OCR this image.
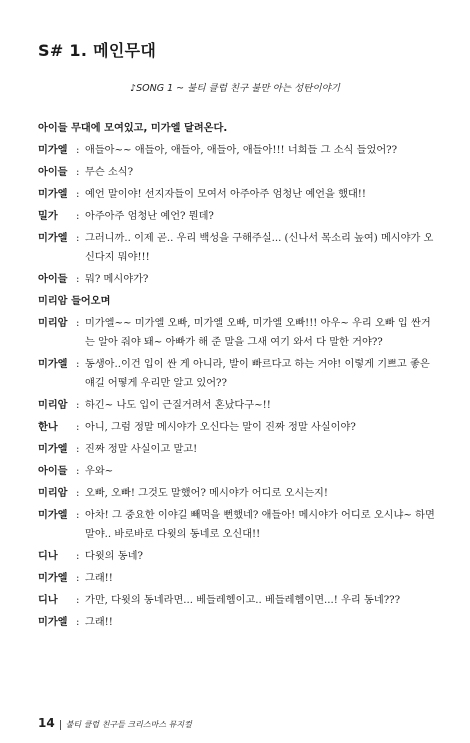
S# 1. 메인무대
♪SONG 1 ~ 불티 클럽 친구 불만 아는 성탄이야기
아이들 무대에 모여있고, 미가엘 달려온다.
미가엘 : 애들아~~ 애들아, 애들아, 애들아, 애들아!!! 너희들 그 소식 들었어??
아이들 : 무슨 소식?
미가엘 : 예언 말이야! 선지자들이 모여서 아주아주 엄청난 예언을 했대!!
밀가 : 아주아주 엄청난 예언? 뭔데?
미가엘 : 그러니까.. 이제 곧.. 우리 백성을 구해주실... (신나서 목소리 높여) 메시야가 오
신다지 뭐야!!!
아이들 : 뭐? 메시야가?
미리암 들어오며
미리암 : 미가엘~~ 미가엘 오빠, 미가엘 오빠, 미가엘 오빠!!! 아우~ 우리 오빠 입 싼거
는 알아 줘야 돼~ 아빠가 해 준 말을 그새 여기 와서 다 말한 거야??
미가엘 : 동생아..이건 입이 싼 게 아니라, 발이 빠르다고 하는 거야! 이렇게 기쁘고 좋은
얘길 어떻게 우리만 알고 있어??
미리암 : 하긴~ 나도 입이 근질거려서 혼났다구~!!
한나 : 아니, 그럼 정말 메시야가 오신다는 말이 진짜 정말 사실이야?
미가엘 : 진짜 정말 사실이고 말고!
아이들 : 우와~
미리암 : 오빠, 오빠! 그것도 말했어? 메시야가 어디로 오시는지!
미가엘 : 아차! 그 중요한 이야길 빼먹을 뻔했네? 애들아! 메시야가 어디로 오시냐~ 하면
말야.. 바로바로 다윗의 동네로 오신대!!
디나 : 다윗의 동네?
미가엘 : 그래!!
디나 : 가만, 다윗의 동네라면... 베들레헴이고.. 베들레헴이면...! 우리 동네???
미가엘 : 그래!!
14 불티 클럽 친구들 크리스마스 뮤지컬
